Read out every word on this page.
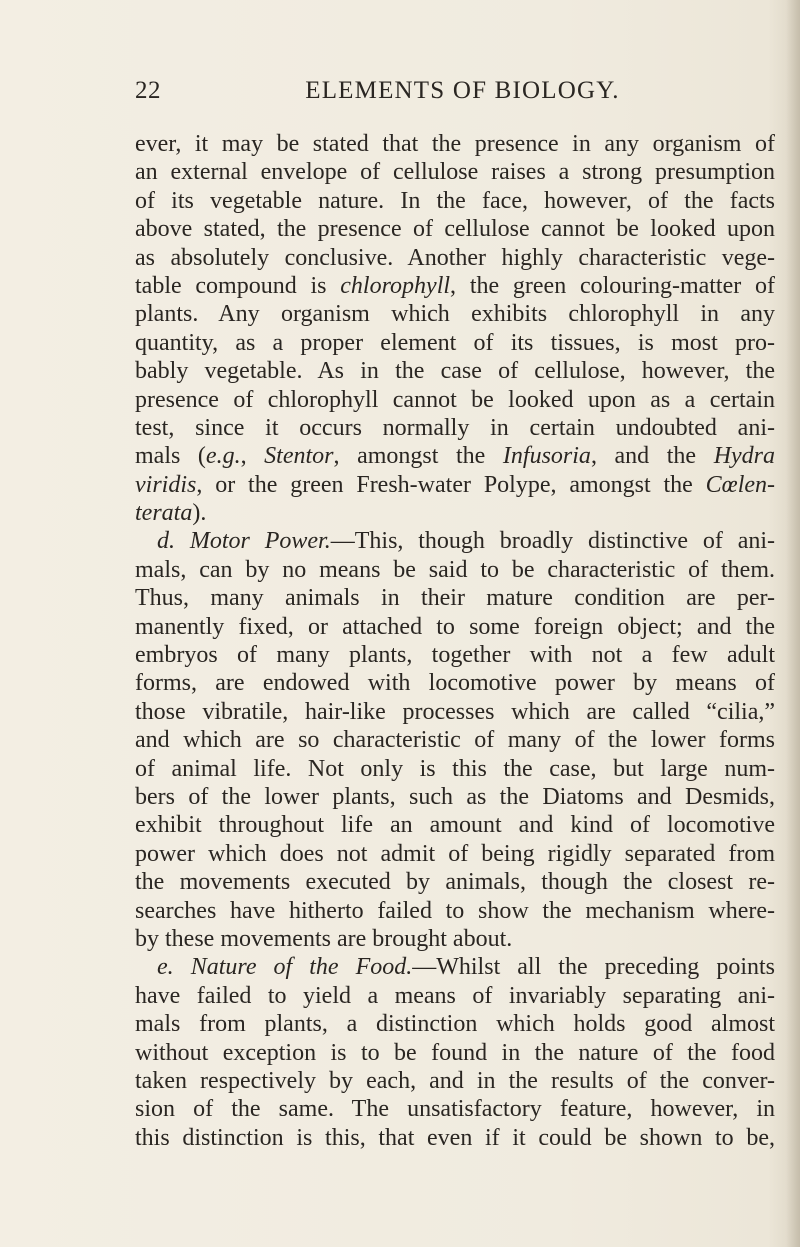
22	ELEMENTS OF BIOLOGY.
ever, it may be stated that the presence in any organism of
an external envelope of cellulose raises a strong presumption
of its vegetable nature. In the face, however, of the facts
above stated, the presence of cellulose cannot be looked upon
as absolutely conclusive. Another highly characteristic vege-
table compound is chlorophyll, the green colouring-matter of
plants. Any organism which exhibits chlorophyll in any
quantity, as a proper element of its tissues, is most pro-
bably vegetable. As in the case of cellulose, however, the
presence of chlorophyll cannot be looked upon as a certain
test, since it occurs normally in certain undoubted ani-
mals (e.g., Stentor, amongst the Infusoria, and the Hydra
viridis, or the green Fresh-water Polype, amongst the Cœlen-
terata).
d. Motor Power.—This, though broadly distinctive of ani-
mals, can by no means be said to be characteristic of them.
Thus, many animals in their mature condition are per-
manently fixed, or attached to some foreign object; and the
embryos of many plants, together with not a few adult
forms, are endowed with locomotive power by means of
those vibratile, hair-like processes which are called “cilia,”
and which are so characteristic of many of the lower forms
of animal life. Not only is this the case, but large num-
bers of the lower plants, such as the Diatoms and Desmids,
exhibit throughout life an amount and kind of locomotive
power which does not admit of being rigidly separated from
the movements executed by animals, though the closest re-
searches have hitherto failed to show the mechanism where-
by these movements are brought about.
e. Nature of the Food.—Whilst all the preceding points
have failed to yield a means of invariably separating ani-
mals from plants, a distinction which holds good almost
without exception is to be found in the nature of the food
taken respectively by each, and in the results of the conver-
sion of the same. The unsatisfactory feature, however, in
this distinction is this, that even if it could be shown to be,
